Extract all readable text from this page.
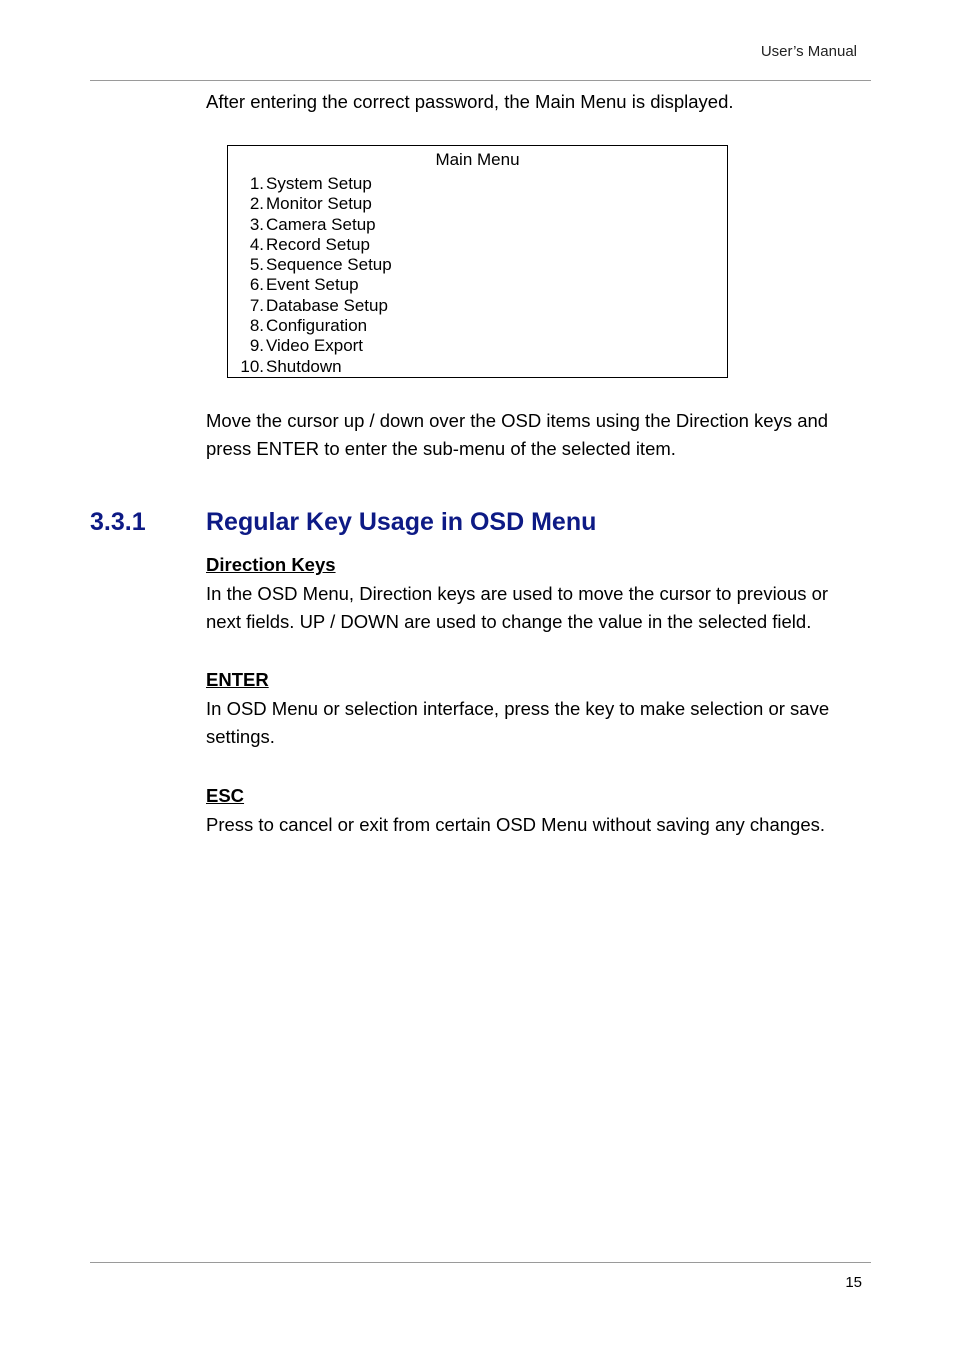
User’s Manual

After entering the correct password, the Main Menu is displayed.

Main Menu
1. System Setup
2. Monitor Setup
3. Camera Setup
4. Record Setup
5. Sequence Setup
6. Event Setup
7. Database Setup
8. Configuration
9. Video Export
10. Shutdown

Move the cursor up / down over the OSD items using the Direction keys and press ENTER to enter the sub-menu of the selected item.

3.3.1 Regular Key Usage in OSD Menu
Direction Keys

In the OSD Menu, Direction keys are used to move the cursor to previous or next fields. UP / DOWN are used to change the value in the selected field.

ENTER

In OSD Menu or selection interface, press the key to make selection or save settings.

ESC

Press to cancel or exit from certain OSD Menu without saving any changes.

15
